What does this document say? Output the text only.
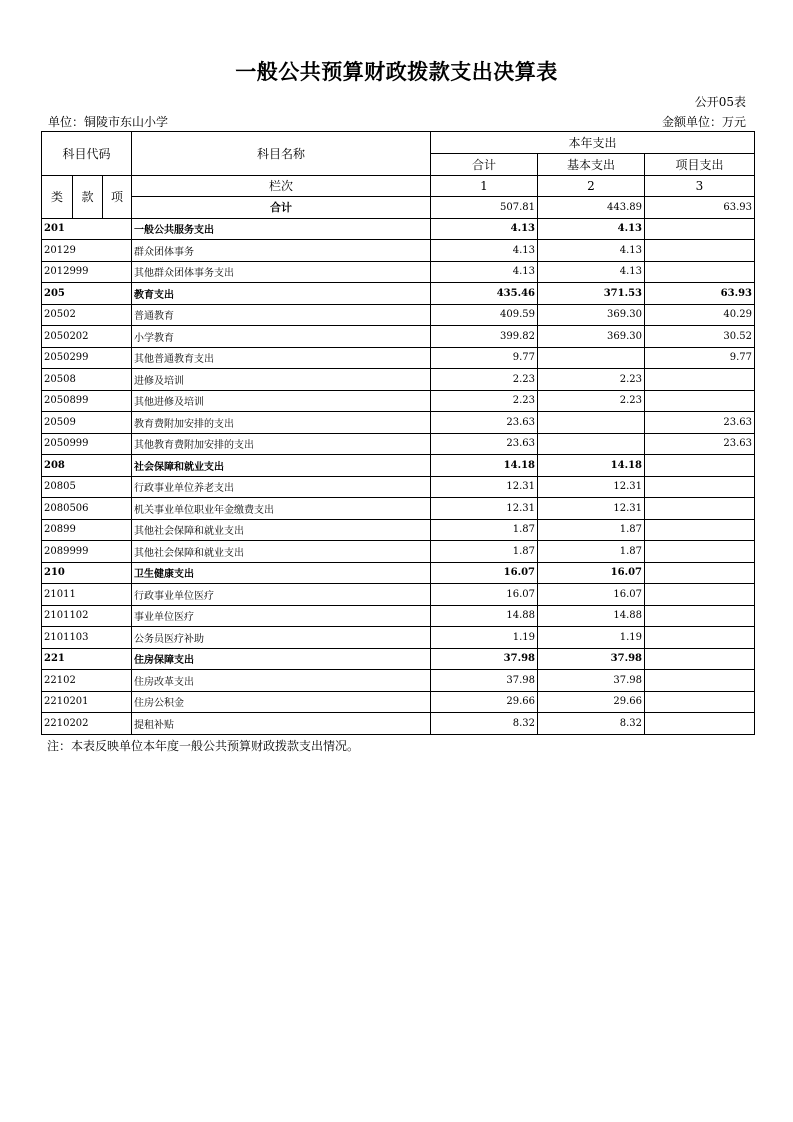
一般公共预算财政拨款支出决算表
公开05表
单位：铜陵市东山小学	金额单位：万元
科目代码			科目名称	本年支出		
				合计	基本支出	项目支出
类	款	项	栏次	1	2	3
			合计	507.81	443.89	63.93
201			一般公共服务支出	4.13	4.13	
20129			群众团体事务	4.13	4.13	
2012999			其他群众团体事务支出	4.13	4.13	
205			教育支出	435.46	371.53	63.93
20502			普通教育	409.59	369.30	40.29
2050202			小学教育	399.82	369.30	30.52
2050299			其他普通教育支出	9.77		9.77
20508			进修及培训	2.23	2.23	
2050899			其他进修及培训	2.23	2.23	
20509			教育费附加安排的支出	23.63		23.63
2050999			其他教育费附加安排的支出	23.63		23.63
208			社会保障和就业支出	14.18	14.18	
20805			行政事业单位养老支出	12.31	12.31	
2080506			机关事业单位职业年金缴费支出	12.31	12.31	
20899			其他社会保障和就业支出	1.87	1.87	
2089999			其他社会保障和就业支出	1.87	1.87	
210			卫生健康支出	16.07	16.07	
21011			行政事业单位医疗	16.07	16.07	
2101102			事业单位医疗	14.88	14.88	
2101103			公务员医疗补助	1.19	1.19	
221			住房保障支出	37.98	37.98	
22102			住房改革支出	37.98	37.98	
2210201			住房公积金	29.66	29.66	
2210202			提租补贴	8.32	8.32	
注：本表反映单位本年度一般公共预算财政拨款支出情况。
